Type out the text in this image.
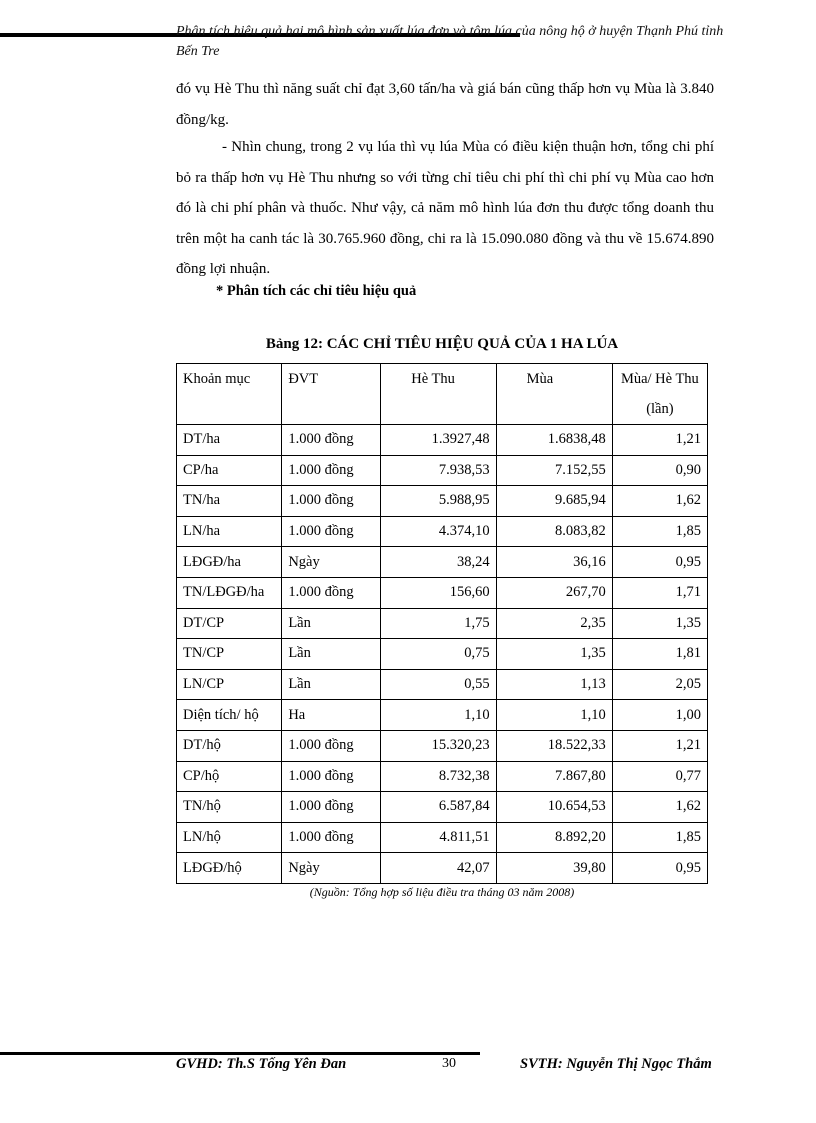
Phân tích hiệu quả hai mô hình sản xuất lúa đơn và tôm lúa của nông hộ ở huyện Thạnh Phú tỉnh Bến Tre
đó vụ Hè Thu thì năng suất chỉ đạt 3,60 tấn/ha và giá bán cũng thấp hơn vụ Mùa là 3.840 đồng/kg.
- Nhìn chung, trong 2 vụ lúa thì vụ lúa Mùa có điều kiện thuận hơn, tổng chi phí bỏ ra thấp hơn vụ Hè Thu nhưng so với từng chỉ tiêu chi phí thì chi phí vụ Mùa cao hơn đó là chi phí phân và thuốc. Như vậy, cả năm mô hình lúa đơn thu được tổng doanh thu trên một ha canh tác là 30.765.960 đồng, chi ra là 15.090.080 đồng và thu về 15.674.890 đồng lợi nhuận.
* Phân tích các chỉ tiêu hiệu quả
Bảng 12: CÁC CHỈ TIÊU HIỆU QUẢ CỦA 1 HA LÚA
Khoản mục	ĐVT	Hè Thu	Mùa	Mùa/ Hè Thu (lần)
DT/ha	1.000 đồng	1.3927,48	1.6838,48	1,21
CP/ha	1.000 đồng	7.938,53	7.152,55	0,90
TN/ha	1.000 đồng	5.988,95	9.685,94	1,62
LN/ha	1.000 đồng	4.374,10	8.083,82	1,85
LĐGĐ/ha	Ngày	38,24	36,16	0,95
TN/LĐGĐ/ha	1.000 đồng	156,60	267,70	1,71
DT/CP	Lần	1,75	2,35	1,35
TN/CP	Lần	0,75	1,35	1,81
LN/CP	Lần	0,55	1,13	2,05
Diện tích/ hộ	Ha	1,10	1,10	1,00
DT/hộ	1.000 đồng	15.320,23	18.522,33	1,21
CP/hộ	1.000 đồng	8.732,38	7.867,80	0,77
TN/hộ	1.000 đồng	6.587,84	10.654,53	1,62
LN/hộ	1.000 đồng	4.811,51	8.892,20	1,85
LĐGĐ/hộ	Ngày	42,07	39,80	0,95
(Nguồn: Tổng hợp số liệu điều tra tháng 03 năm 2008)
GVHD: Th.S Tống Yên Đan	30	SVTH: Nguyễn Thị Ngọc Thắm
